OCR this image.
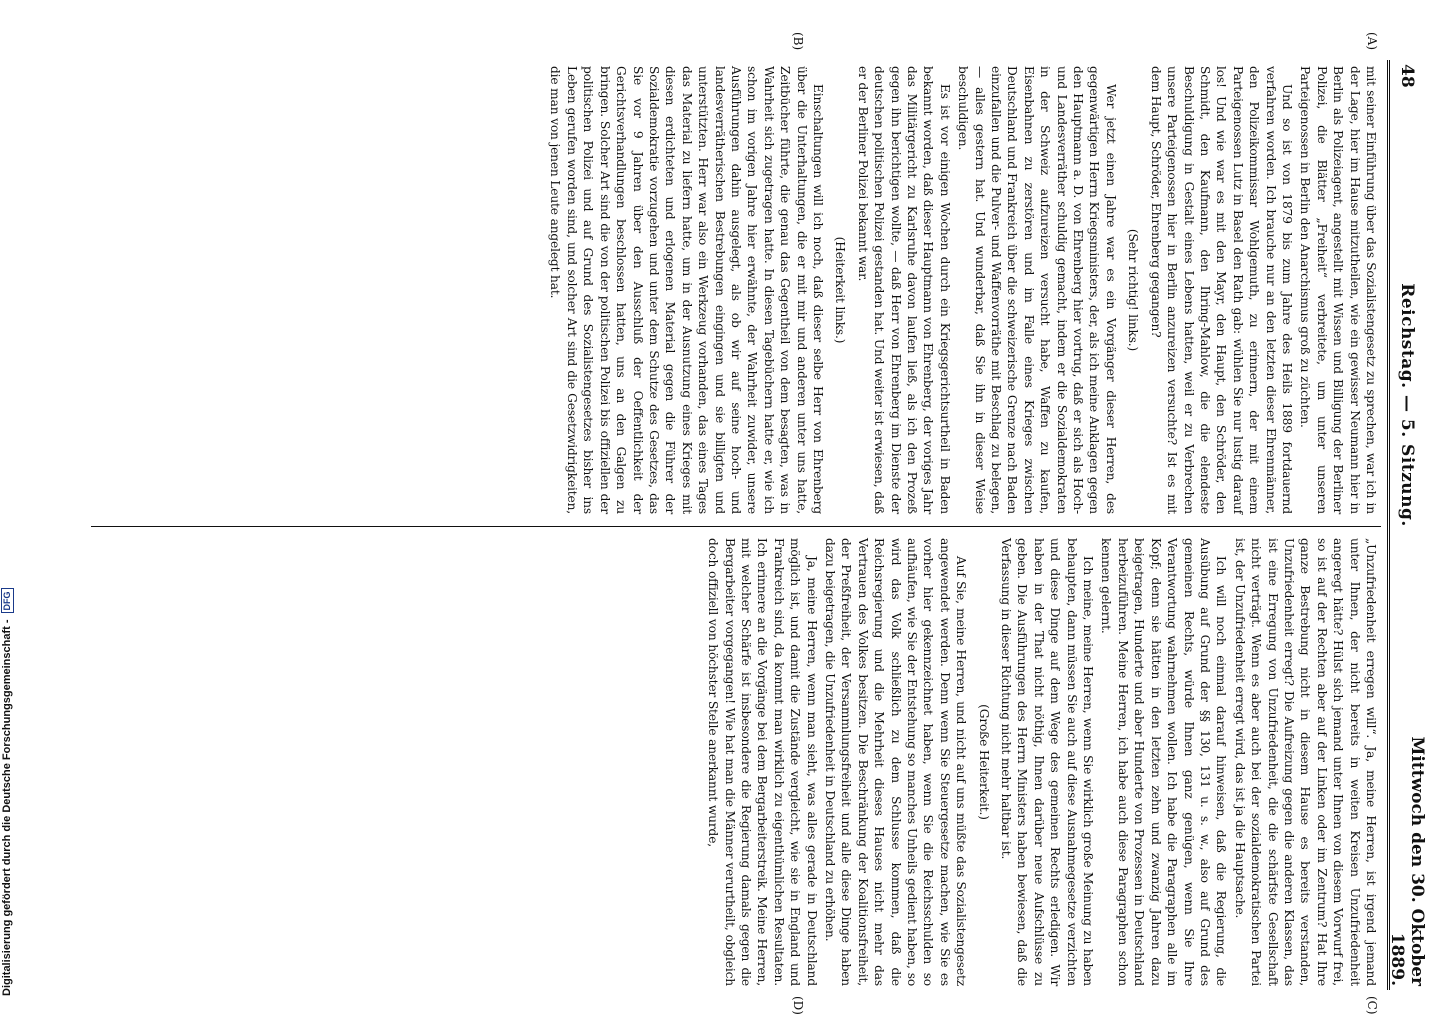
48
Reichstag. — 5. Sitzung.
Mittwoch den 30. Oktober 1889.
(A)
(B)
(C)
(D)

mit seiner Einführung über das Sozialistengesetz zu sprechen, war ich in der Lage, hier im Hause mitzutheilen, wie ein gewisser Neumann hier in Berlin als Polizeiagent, angestellt mit Wissen und Billigung der Berliner Polizei, die Blätter „Freiheit“ verbreitete, um unter unseren Parteigenossen in Berlin den Anarchismus groß zu züchten.

Und so ist von 1879 bis zum Jahre des Heils 1889 fortdauernd verfahren worden. Ich brauche nur an den letzten dieser Ehrenmänner, den Polizeikommissar Wohlgemuth, zu erinnern, der mit einem Parteigenossen Lutz in Basel den Rath gab: wühlen Sie nur lustig darauf los! Und wie war es mit den Mayr, den Haupt, den Schröder, den Schmidt, den Kaufmann, den Ihring-Mahlow, die die elendeste Beschuldigung in Gestalt eines Lebens hatten, weil er zu Verbrechen unsere Parteigenossen hier in Berlin anzureizen versuchte? Ist es mit dem Haupt, Schröder, Ehrenberg gegangen?

(Sehr richtig! links.)

Wer jetzt einen Jahre war es ein Vorgänger dieser Herren, des gegenwärtigen Herrn Kriegsministers, der, als ich meine Anklagen gegen den Hauptmann a. D. von Ehrenberg hier vortrug, daß er sich als Hoch- und Landesverräther schuldig gemacht, indem er die Sozialdemokraten in der Schweiz aufzureizen versucht habe, Waffen zu kaufen, Eisenbahnen zu zerstören und im Falle eines Krieges zwischen Deutschland und Frankreich über die schweizerische Grenze nach Baden einzufallen und die Pulver- und Waffenvorräthe mit Beschlag zu belegen, — alles gestern hat. Und wunderbar, daß Sie ihn in dieser Weise beschuldigen.

Es ist vor einigen Wochen durch ein Kriegsgerichtsurtheil in Baden bekannt worden, daß dieser Hauptmann von Ehrenberg, der voriges Jahr das Militärgericht zu Karlsruhe davon laufen ließ, als ich den Prozeß gegen ihn berichtigen wollte, — daß Herr von Ehrenberg im Dienste der deutschen politischen Polizei gestanden hat. Und weiter ist erwiesen, daß er der Berliner Polizei bekannt war.

(Heiterkeit links.)

Einschaltungen will ich noch, daß dieser selbe Herr von Ehrenberg über die Unterhaltungen, die er mit mir und anderen unter uns hatte, Zeitbücher führte, die genau das Gegentheil von dem besagten, was in Wahrheit sich zugetragen hatte. In diesen Tagebüchern hatte er, wie ich schon im vorigen Jahre hier erwähnte, der Wahrheit zuwider, unsere Ausführungen dahin ausgelegt, als ob wir auf seine hoch- und landesverrätherischen Bestrebungen eingingen und sie billigten und unterstützten. Herr war also ein Werkzeug vorhanden, das eines Tages das Material zu liefern hatte, um in der Ausnutzung eines Krieges mit diesen erdichteten und erlogenen Material gegen die Führer der Sozialdemokratie vorzugehen und unter dem Schutze des Gesetzes, das Sie vor 9 Jahren über den Ausschluß der Oeffentlichkeit der Gerichtsverhandlungen beschlossen hatten, uns an den Galgen zu bringen. Solcher Art sind die von der politischen Polizei bis offiziellen der politischen Polizei und auf Grund des Sozialistengesetzes bisher ins Leben gerufen worden sind, und solcher Art sind die Gesetzwidrigkeiten, die man von jenen Leute angelegt hat.

„Unzufriedenheit erregen will“. Ja, meine Herren, ist irgend jemand unter Ihnen, der nicht bereits in weiten Kreisen Unzufriedenheit angeregt hätte? Hülst sich jemand unter Ihnen von diesem Vorwurf frei, so ist auf der Rechten aber auf der Linken oder im Zentrum? Hat Ihre ganze Bestrebung nicht in diesem Hause es bereits verstanden, Unzufriedenheit erregt? Die Aufreizung gegen die anderen Klassen, das ist eine Erregung von Unzufriedenheit, die die schärfste Gesellschaft nicht verträgt. Wenn es aber auch bei der sozialdemokratischen Partei ist, der Unzufriedenheit erregt wird, das ist ja die Hauptsache.

Ich will noch einmal darauf hinweisen, daß die Regierung, die Ausübung auf Grund der §§ 130, 131 u. s. w., also auf Grund des gemeinen Rechts, würde Ihnen ganz genügen, wenn Sie Ihre Verantwortung wahrnehmen wollen. Ich habe die Paragraphen alle im Kopf; denn sie hätten in den letzten zehn und zwanzig Jahren dazu beigetragen, Hunderte und aber Hunderte von Prozessen in Deutschland herbeizuführen. Meine Herren, ich habe auch diese Paragraphen schon kennen gelernt.

Ich meine, meine Herren, wenn Sie wirklich große Meinung zu haben behaupten, dann müssen Sie auch auf diese Ausnahmegesetze verzichten und diese Dinge auf dem Wege des gemeinen Rechts erledigen. Wir haben in der That nicht nöthig, Ihnen darüber neue Aufschlüsse zu geben. Die Ausführungen des Herrn Ministers haben bewiesen, daß die Verfassung in dieser Richtung nicht mehr haltbar ist.

(Große Heiterkeit.)

Auf Sie, meine Herren, und nicht auf uns müßte das Sozialistengesetz angewendet werden. Denn wenn Sie Steuergesetze machen, wie Sie es vorher hier gekennzeichnet haben, wenn Sie die Reichsschulden so aufhäufen, wie Sie der Entstehung so manches Unheils gedient haben, so wird das Volk schließlich zu dem Schlusse kommen, daß die Reichsregierung und die Mehrheit dieses Hauses nicht mehr das Vertrauen des Volkes besitzen. Die Beschränkung der Koalitionsfreiheit, der Preßfreiheit, der Versammlungsfreiheit und alle diese Dinge haben dazu beigetragen, die Unzufriedenheit in Deutschland zu erhöhen.

Ja, meine Herren, wenn man sieht, was alles gerade in Deutschland möglich ist, und damit die Zustände vergleicht, wie sie in England und Frankreich sind, da kommt man wirklich zu eigenthümlichen Resultaten. Ich erinnere an die Vorgänge bei dem Bergarbeiterstreik. Meine Herren, mit welcher Schärfe ist insbesondere die Regierung damals gegen die Bergarbeiter vorgegangen! Wie hat man die Männer verurtheilt, obgleich doch offiziell von höchster Stelle anerkannt wurde,

Digitalisierung gefördert durch die Deutsche Forschungsgemeinschaft -
DFG
